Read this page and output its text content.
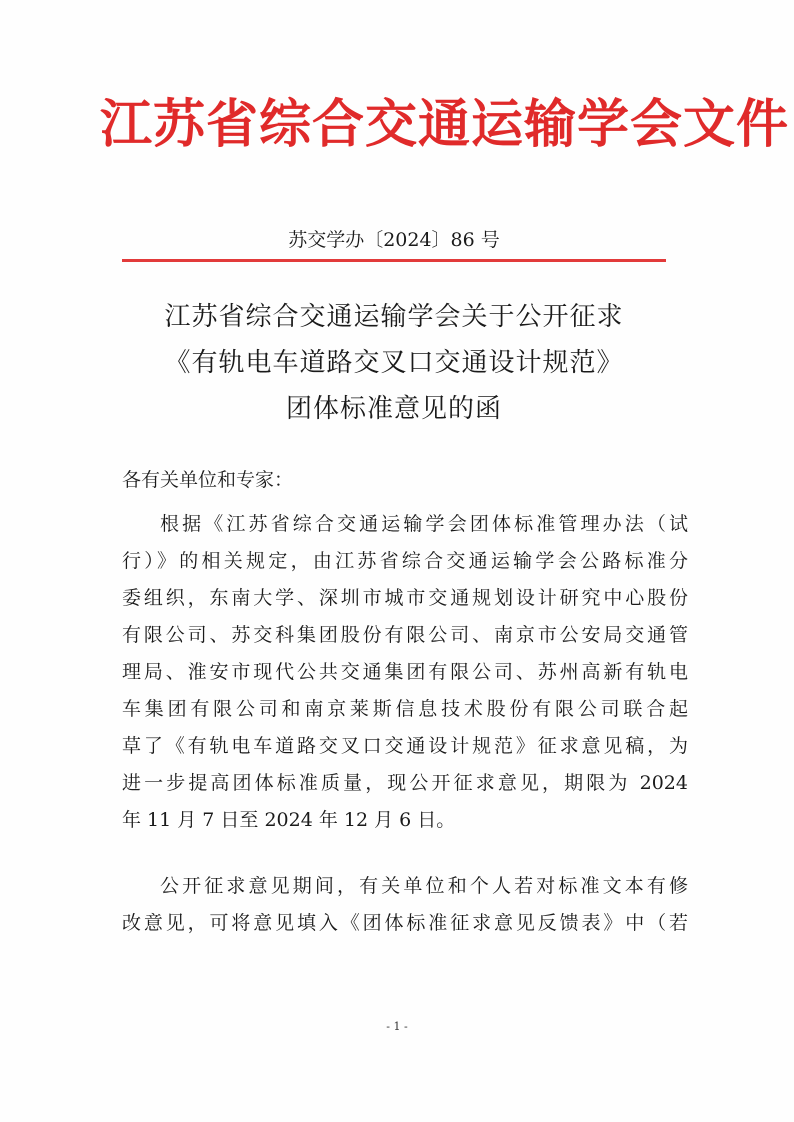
江苏省综合交通运输学会文件
苏交学办〔2024〕86 号
江苏省综合交通运输学会关于公开征求
《有轨电车道路交叉口交通设计规范》
团体标准意见的函
各有关单位和专家：
根据《江苏省综合交通运输学会团体标准管理办法（试
行）》的相关规定，由江苏省综合交通运输学会公路标准分
委组织，东南大学、深圳市城市交通规划设计研究中心股份
有限公司、苏交科集团股份有限公司、南京市公安局交通管
理局、淮安市现代公共交通集团有限公司、苏州高新有轨电
车集团有限公司和南京莱斯信息技术股份有限公司联合起
草了《有轨电车道路交叉口交通设计规范》征求意见稿，为
进一步提高团体标准质量，现公开征求意见，期限为 2024
年 11 月 7 日至 2024 年 12 月 6 日。
公开征求意见期间，有关单位和个人若对标准文本有修
改意见，可将意见填入《团体标准征求意见反馈表》中（若
- 1 -
